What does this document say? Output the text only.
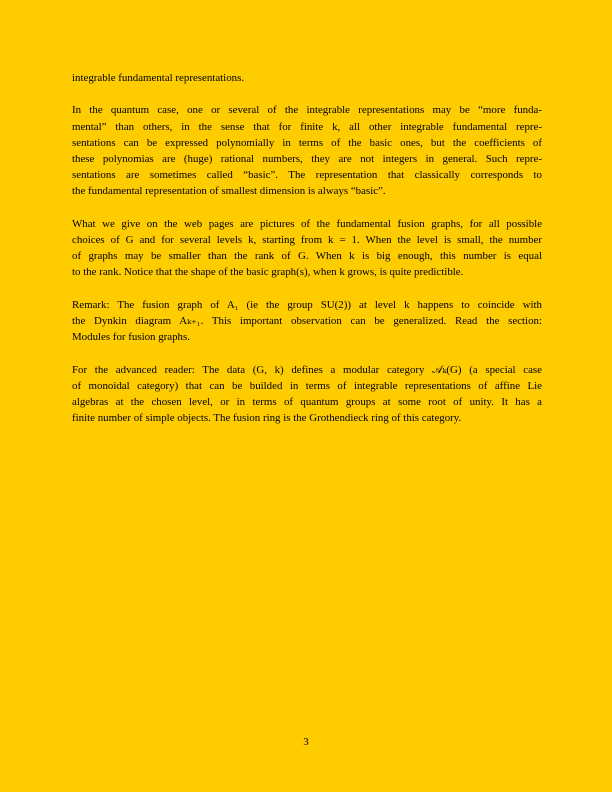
integrable fundamental representations.
In the quantum case, one or several of the integrable representations may be “more funda-
mental” than others, in the sense that for finite k, all other integrable fundamental repre-
sentations can be expressed polynomially in terms of the basic ones, but the coefficients of
these polynomias are (huge) rational numbers, they are not integers in general. Such repre-
sentations are sometimes called “basic”. The representation that classically corresponds to
the fundamental representation of smallest dimension is always “basic”.
What we give on the web pages are pictures of the fundamental fusion graphs, for all possible
choices of G and for several levels k, starting from k = 1. When the level is small, the number
of graphs may be smaller than the rank of G. When k is big enough, this number is equal
to the rank. Notice that the shape of the basic graph(s), when k grows, is quite predictible.
Remark: The fusion graph of A₁ (ie the group SU(2)) at level k happens to coincide with
the Dynkin diagram Aₖ₊₁. This important observation can be generalized. Read the section:
Modules for fusion graphs.
For the advanced reader: The data (G, k) defines a modular category 𝒜ₖ(G) (a special case
of monoidal category) that can be builded in terms of integrable representations of affine Lie
algebras at the chosen level, or in terms of quantum groups at some root of unity. It has a
finite number of simple objects. The fusion ring is the Grothendieck ring of this category.
3
